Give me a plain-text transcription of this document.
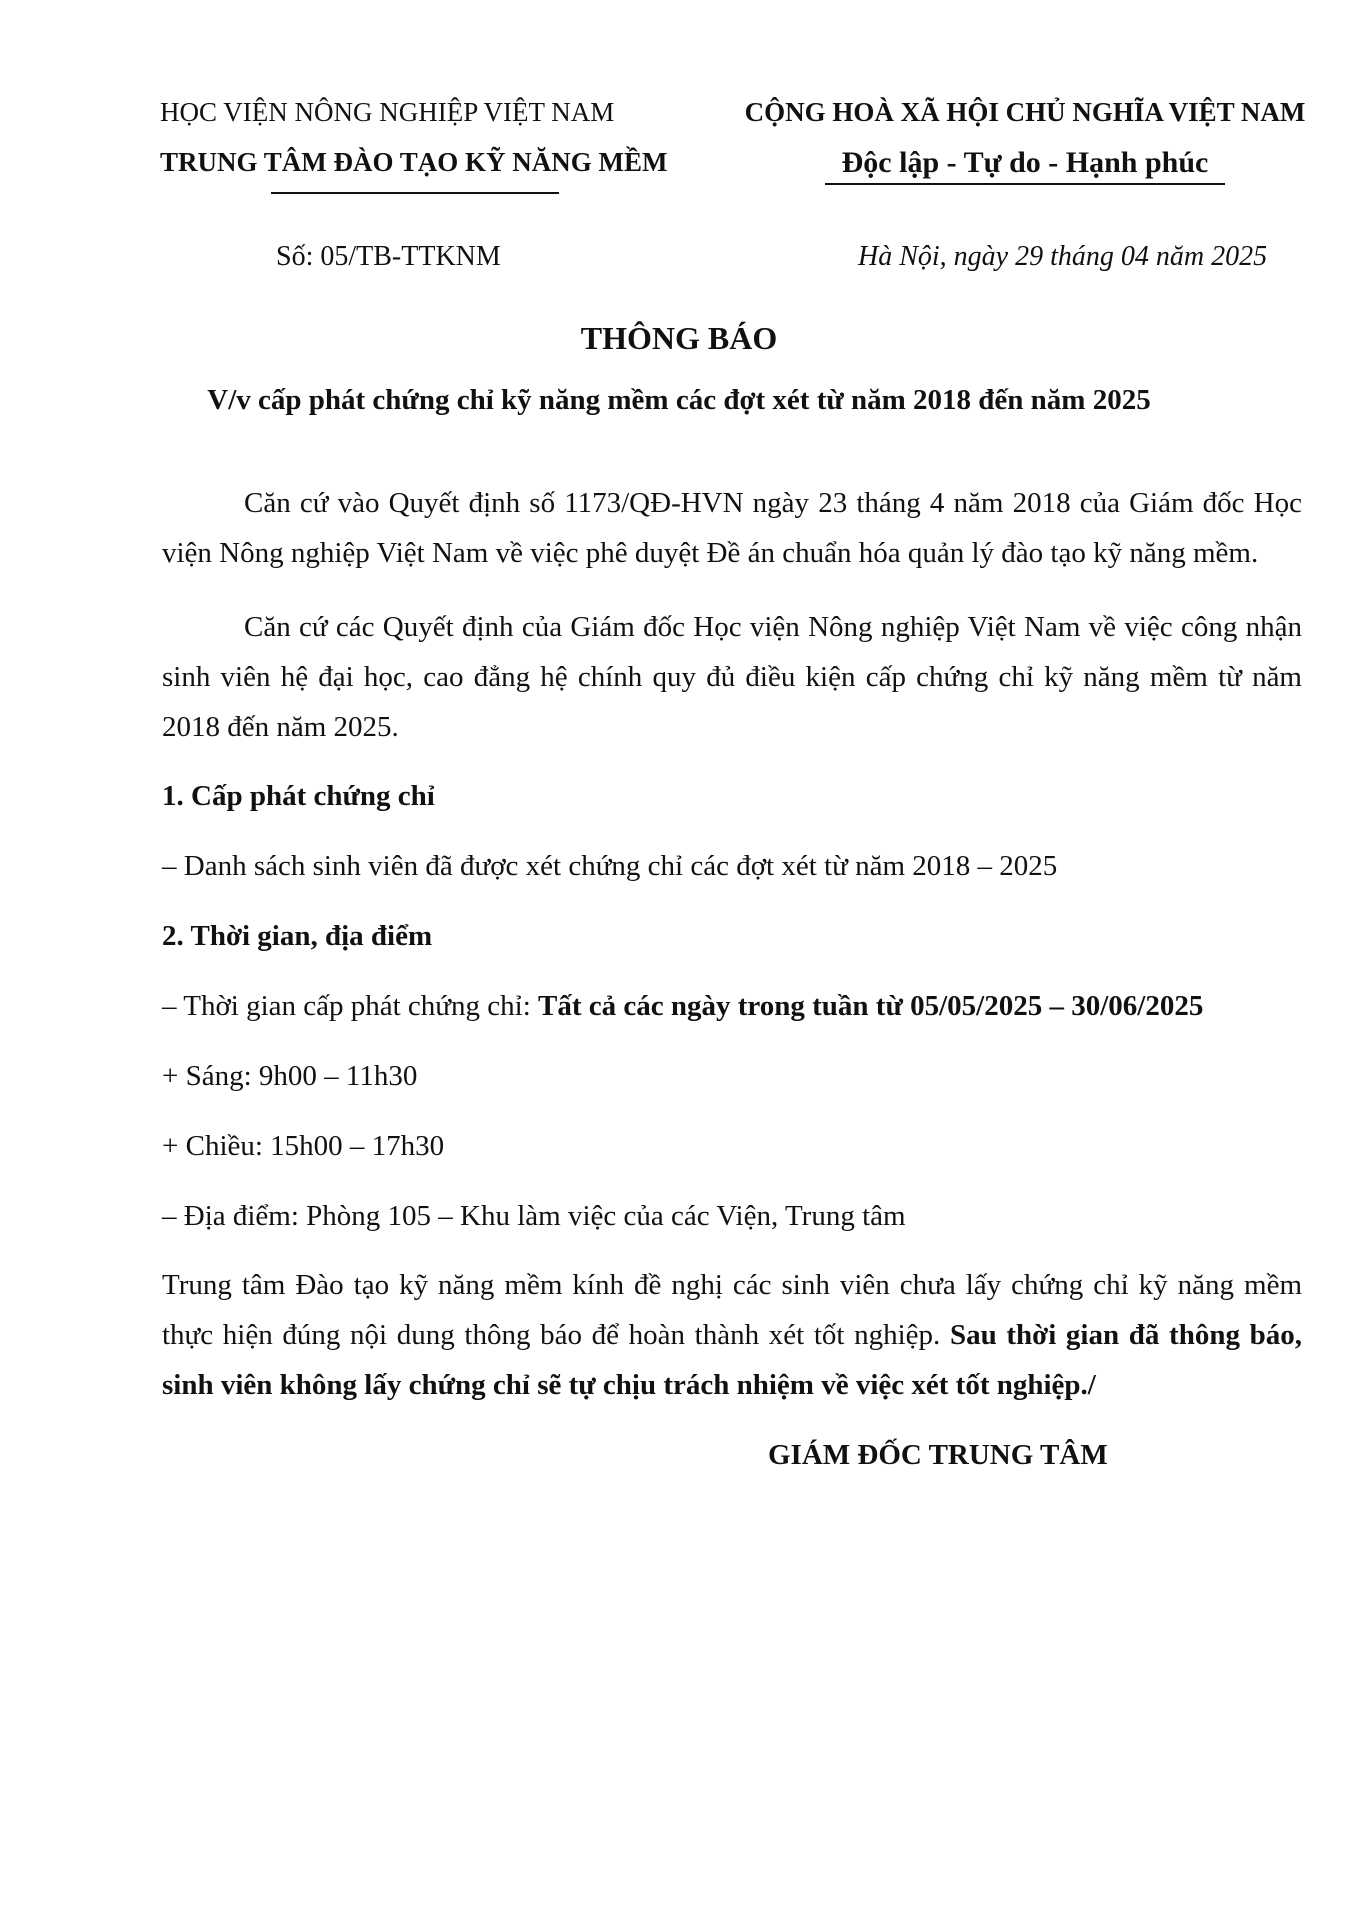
HỌC VIỆN NÔNG NGHIỆP VIỆT NAM
TRUNG TÂM ĐÀO TẠO KỸ NĂNG MỀM
CỘNG HOÀ XÃ HỘI CHỦ NGHĨA VIỆT NAM
Độc lập - Tự do - Hạnh phúc
Số: 05/TB-TTKNM	Hà Nội, ngày 29 tháng 04 năm 2025
THÔNG BÁO
V/v cấp phát chứng chỉ kỹ năng mềm các đợt xét từ năm 2018 đến năm 2025
Căn cứ vào Quyết định số 1173/QĐ-HVN ngày 23 tháng 4 năm 2018 của Giám đốc Học viện Nông nghiệp Việt Nam về việc phê duyệt Đề án chuẩn hóa quản lý đào tạo kỹ năng mềm.
Căn cứ các Quyết định của Giám đốc Học viện Nông nghiệp Việt Nam về việc công nhận sinh viên hệ đại học, cao đẳng hệ chính quy đủ điều kiện cấp chứng chỉ kỹ năng mềm từ năm 2018 đến năm 2025.
1. Cấp phát chứng chỉ
– Danh sách sinh viên đã được xét chứng chỉ các đợt xét từ năm 2018 – 2025
2. Thời gian, địa điểm
– Thời gian cấp phát chứng chỉ: Tất cả các ngày trong tuần từ 05/05/2025 – 30/06/2025
+ Sáng: 9h00 – 11h30
+ Chiều: 15h00 – 17h30
– Địa điểm: Phòng 105 – Khu làm việc của các Viện, Trung tâm
Trung tâm Đào tạo kỹ năng mềm kính đề nghị các sinh viên chưa lấy chứng chỉ kỹ năng mềm thực hiện đúng nội dung thông báo để hoàn thành xét tốt nghiệp. Sau thời gian đã thông báo, sinh viên không lấy chứng chỉ sẽ tự chịu trách nhiệm về việc xét tốt nghiệp./
GIÁM ĐỐC TRUNG TÂM
